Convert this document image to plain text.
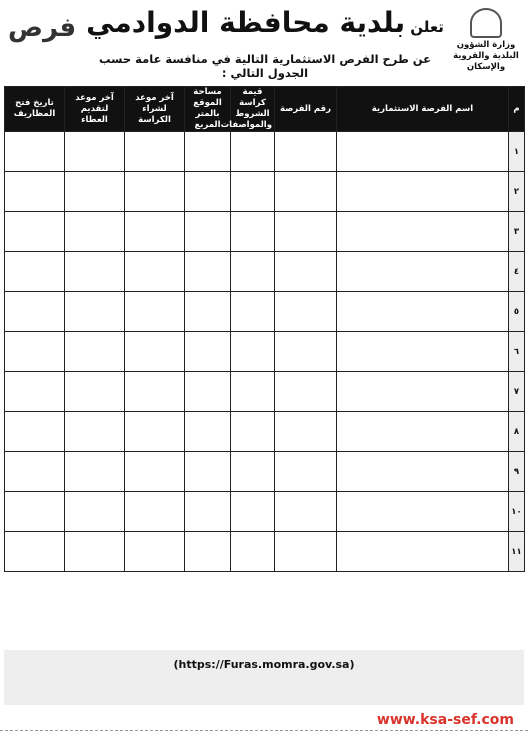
فرص	تعلن بلدية محافظة الدوادمي
عن طرح الفرص الاستثمارية التالية في منافسة عامة حسب الجدول التالي :
وزارة الشؤون البلدية والقروية والإسكان
م	اسم الفرصة الاستثمارية	رقم الفرصة	قيمة كراسة الشروط والمواصفات	مساحة الموقع بالمتر المربع	آخر موعد لشراء الكراسة	آخر موعد لتقديم العطاء	تاريخ فتح المظاريف
١							
٢							
٣							
٤							
٥							
٦							
٧							
٨							
٩							
١٠							
١١							
(https://Furas.momra.gov.sa)
www.ksa-sef.com
